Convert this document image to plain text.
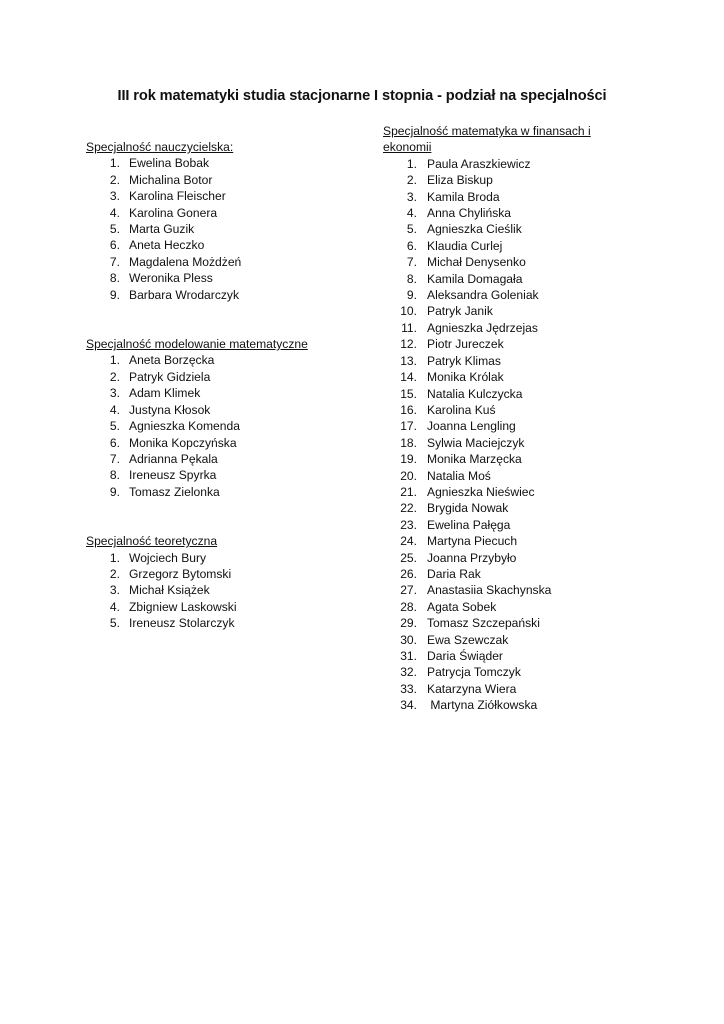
III rok matematyki studia stacjonarne I stopnia - podział na specjalności

Specjalność nauczycielska:

1. Ewelina Bobak
2. Michalina Botor
3. Karolina Fleischer
4. Karolina Gonera
5. Marta Guzik
6. Aneta Heczko
7. Magdalena Możdżeń
8. Weronika Pless
9. Barbara Wrodarczyk

Specjalność modelowanie matematyczne

1. Aneta Borzęcka
2. Patryk Gidziela
3. Adam Klimek
4. Justyna Kłosok
5. Agnieszka Komenda
6. Monika Kopczyńska
7. Adrianna Pękala
8. Ireneusz Spyrka
9. Tomasz Zielonka

Specjalność teoretyczna

1. Wojciech Bury
2. Grzegorz Bytomski
3. Michał Książek
4. Zbigniew Laskowski
5. Ireneusz Stolarczyk

Specjalność matematyka w finansach i ekonomii

1. Paula Araszkiewicz
2. Eliza Biskup
3. Kamila Broda
4. Anna Chylińska
5. Agnieszka Cieślik
6. Klaudia Curlej
7. Michał Denysenko
8. Kamila Domagała
9. Aleksandra Goleniak
10. Patryk Janik
11. Agnieszka Jędrzejas
12. Piotr Jureczek
13. Patryk Klimas
14. Monika Królak
15. Natalia Kulczycka
16. Karolina Kuś
17. Joanna Lengling
18. Sylwia Maciejczyk
19. Monika Marzęcka
20. Natalia Moś
21. Agnieszka Nieświec
22. Brygida Nowak
23. Ewelina Pałęga
24. Martyna Piecuch
25. Joanna Przybyło
26. Daria Rak
27. Anastasiia Skachynska
28. Agata Sobek
29. Tomasz Szczepański
30. Ewa Szewczak
31. Daria Świąder
32. Patrycja Tomczyk
33. Katarzyna Wiera
34. Martyna Ziółkowska
